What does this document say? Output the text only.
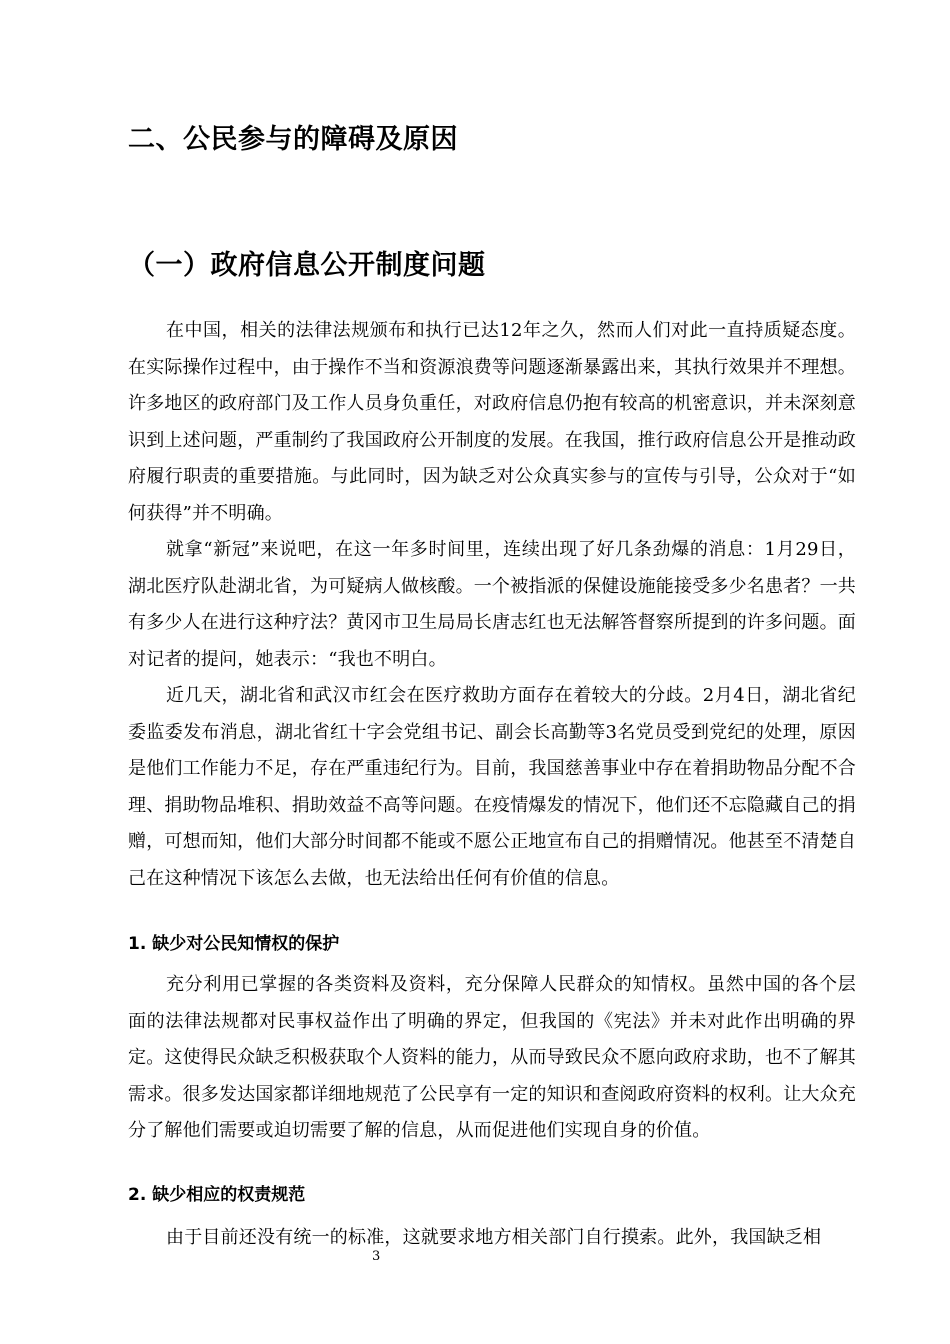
二、公民参与的障碍及原因
（一）政府信息公开制度问题

在中国，相关的法律法规颁布和执行已达12年之久，然而人们对此一直持质疑态度。在实际操作过程中，由于操作不当和资源浪费等问题逐渐暴露出来，其执行效果并不理想。许多地区的政府部门及工作人员身负重任，对政府信息仍抱有较高的机密意识，并未深刻意识到上述问题，严重制约了我国政府公开制度的发展。在我国，推行政府信息公开是推动政府履行职责的重要措施。与此同时，因为缺乏对公众真实参与的宣传与引导，公众对于“如何获得”并不明确。

就拿“新冠”来说吧，在这一年多时间里，连续出现了好几条劲爆的消息：1月29日，湖北医疗队赴湖北省，为可疑病人做核酸。一个被指派的保健设施能接受多少名患者？一共有多少人在进行这种疗法？黄冈市卫生局局长唐志红也无法解答督察所提到的许多问题。面对记者的提问，她表示：“我也不明白。

近几天，湖北省和武汉市红会在医疗救助方面存在着较大的分歧。2月4日，湖北省纪委监委发布消息，湖北省红十字会党组书记、副会长高勤等3名党员受到党纪的处理，原因是他们工作能力不足，存在严重违纪行为。目前，我国慈善事业中存在着捐助物品分配不合理、捐助物品堆积、捐助效益不高等问题。在疫情爆发的情况下，他们还不忘隐藏自己的捐赠，可想而知，他们大部分时间都不能或不愿公正地宣布自己的捐赠情况。他甚至不清楚自己在这种情况下该怎么去做，也无法给出任何有价值的信息。

1. 缺少对公民知情权的保护

充分利用已掌握的各类资料及资料，充分保障人民群众的知情权。虽然中国的各个层面的法律法规都对民事权益作出了明确的界定，但我国的《宪法》并未对此作出明确的界定。这使得民众缺乏积极获取个人资料的能力，从而导致民众不愿向政府求助，也不了解其需求。很多发达国家都详细地规范了公民享有一定的知识和查阅政府资料的权利。让大众充分了解他们需要或迫切需要了解的信息，从而促进他们实现自身的价值。

2. 缺少相应的权责规范

由于目前还没有统一的标准，这就要求地方相关部门自行摸索。此外，我国缺乏相

3
